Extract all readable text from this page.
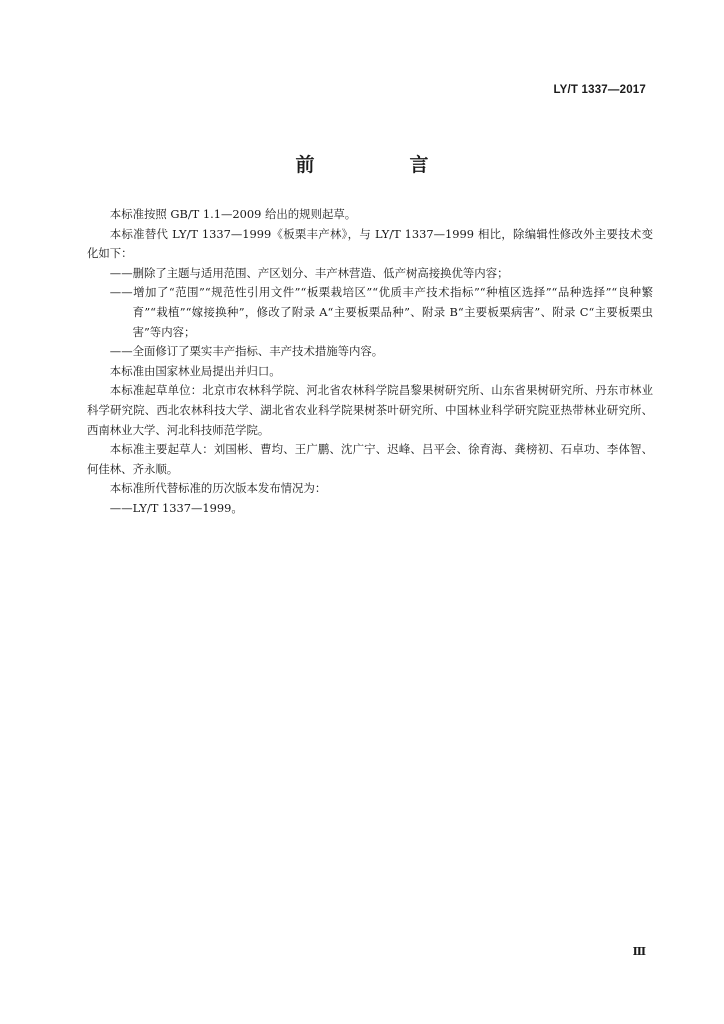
LY/T 1337—2017
前　言

本标准按照 GB/T 1.1—2009 给出的规则起草。

本标准替代 LY/T 1337—1999《板栗丰产林》，与 LY/T 1337—1999 相比，除编辑性修改外主要技术变化如下：

——删除了主题与适用范围、产区划分、丰产林营造、低产树高接换优等内容；

——增加了“范围”“规范性引用文件”“板栗栽培区”“优质丰产技术指标”“种植区选择”“品种选择”“良种繁育”“栽植”“嫁接换种”，修改了附录 A“主要板栗品种”、附录 B“主要板栗病害”、附录 C“主要板栗虫害”等内容；

——全面修订了栗实丰产指标、丰产技术措施等内容。

本标准由国家林业局提出并归口。

本标准起草单位：北京市农林科学院、河北省农林科学院昌黎果树研究所、山东省果树研究所、丹东市林业科学研究院、西北农林科技大学、湖北省农业科学院果树茶叶研究所、中国林业科学研究院亚热带林业研究所、西南林业大学、河北科技师范学院。

本标准主要起草人：刘国彬、曹均、王广鹏、沈广宁、迟峰、吕平会、徐育海、龚榜初、石卓功、李体智、何佳林、齐永顺。

本标准所代替标准的历次版本发布情况为：

——LY/T 1337—1999。

Ⅲ
